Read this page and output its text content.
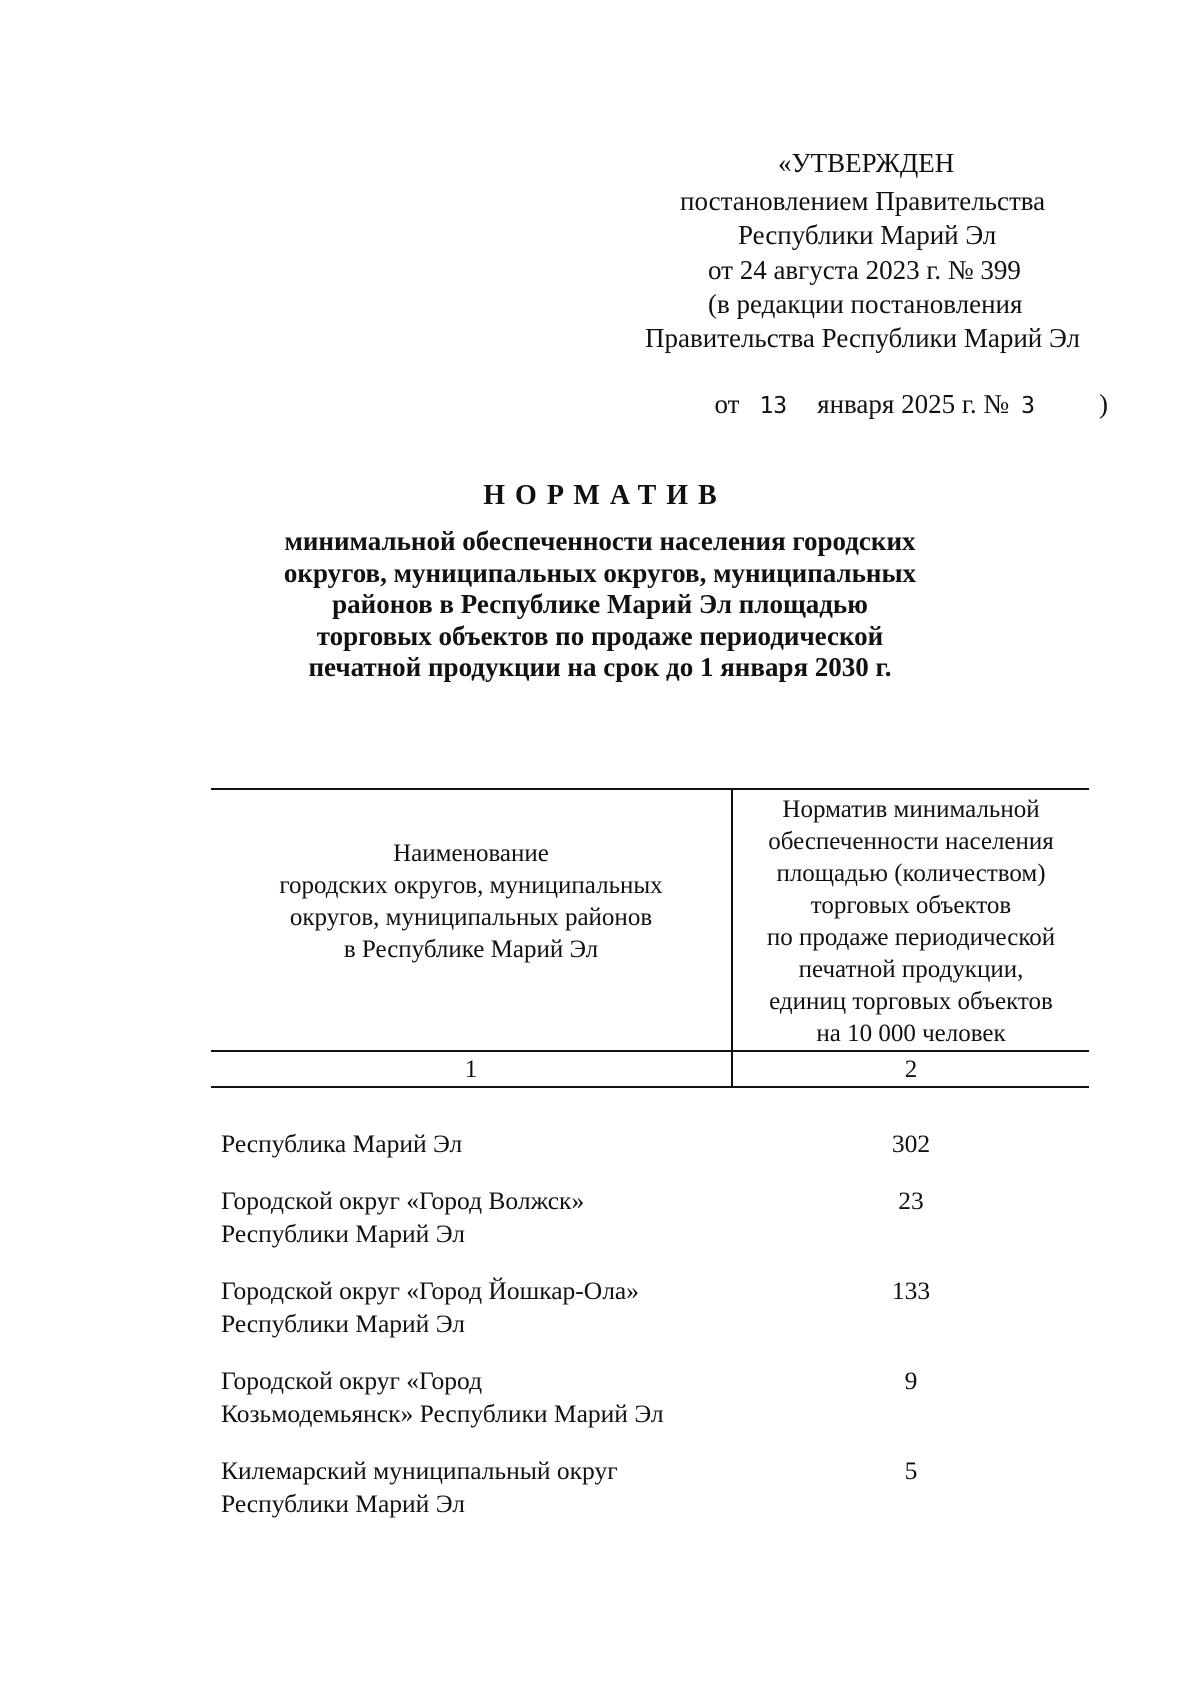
«УТВЕРЖДЕН
постановлением Правительства
Республики Марий Эл
от 24 августа 2023 г. № 399
(в редакции постановления
Правительства Республики Марий Эл

от 13 января 2025 г. № 3 )

НОРМАТИВ
минимальной обеспеченности населения городских
округов, муниципальных округов, муниципальных
районов в Республике Марий Эл площадью
торговых объектов по продаже периодической
печатной продукции на срок до 1 января 2030 г.
Наименование
городских округов, муниципальных
округов, муниципальных районов
в Республике Марий Эл
Норматив минимальной
обеспеченности населения
площадью (количеством)
торговых объектов
по продаже периодической
печатной продукции,
единиц торговых объектов
на 10 000 человек
1	2
Республика Марий Эл	302
Городской округ «Город Волжск»
Республики Марий Эл
23
Городской округ «Город Йошкар-Ола»
Республики Марий Эл
133
Городской округ «Город
Козьмодемьянск» Республики Марий Эл
9
Килемарский муниципальный округ
Республики Марий Эл
5
